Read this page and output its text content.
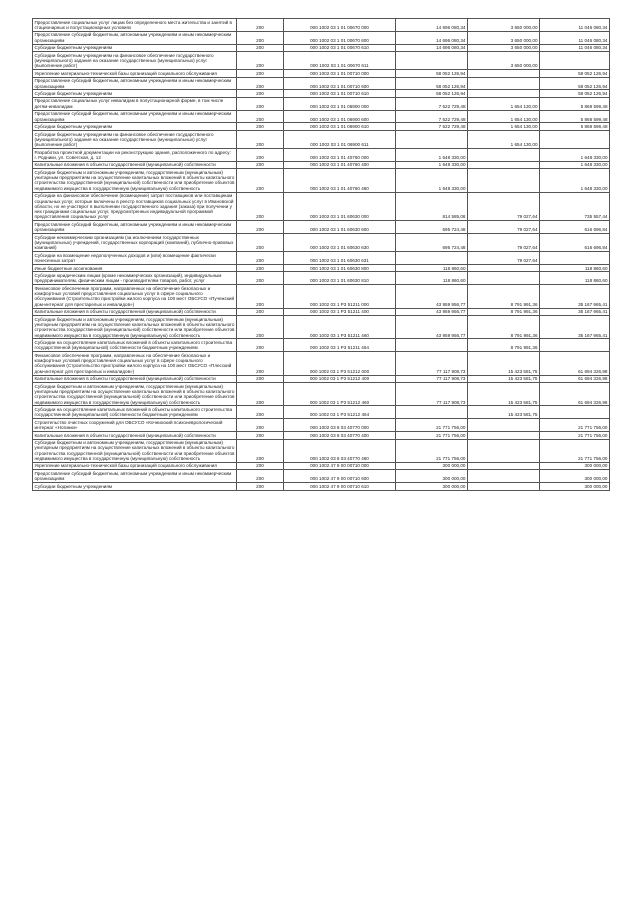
Предоставление социальных услуг лицам без определенного места жительства и занятий в стационарных и полустационарных условиях	200	000 1002 03 1 01 00670 000	14 696 080,34	3 650 000,00	11 046 080,34
Предоставление субсидий бюджетным, автономным учреждениям и иным некоммерческим организациям	200	000 1002 03 1 01 00670 600	14 696 080,34	3 650 000,00	11 046 080,34
Субсидии бюджетным учреждениям	200	000 1002 03 1 01 00670 610	14 696 080,34	3 650 000,00	11 046 080,34
Субсидии бюджетным учреждениям на финансовое обеспечение государственного (муниципального) задания на оказание государственных (муниципальных) услуг (выполнение работ)	200	000 1002 03 1 01 00670 611		3 650 000,00	
Укрепление материально-технической базы организаций социального обслуживания	200	000 1002 03 1 01 00710 000	58 052 126,94		58 052 126,94
Предоставление субсидий бюджетным, автономным учреждениям и иным некоммерческим организациям	200	000 1002 03 1 01 00710 600	58 052 126,94		58 052 126,94
Субсидии бюджетным учреждениям	200	000 1002 03 1 01 00710 610	58 052 126,94		58 052 126,94
Предоставление социальных услуг инвалидам в полустационарной форме, в том числе детям-инвалидам	200	000 1002 03 1 01 06900 000	7 522 729,48	1 654 130,00	5 868 599,48
Предоставление субсидий бюджетным, автономным учреждениям и иным некоммерческим организациям	200	000 1002 03 1 01 06900 600	7 522 729,48	1 654 130,00	5 868 599,48
Субсидии бюджетным учреждениям	200	000 1002 03 1 01 06900 610	7 522 729,48	1 654 130,00	5 868 599,48
Субсидии бюджетным учреждениям на финансовое обеспечение государственного (муниципального) задания на оказание государственных (муниципальных) услуг (выполнение работ)	200	000 1002 03 1 01 06900 611		1 654 130,00	
Разработка проектной документации на реконструкцию здания, расположенного по адресу: г. Родники, ул. Советская, д. 12	200	000 1002 03 1 01 40760 000	1 648 330,00		1 648 330,00
Капитальные вложения в объекты государственной (муниципальной) собственности	200	000 1002 03 1 01 40760 400	1 648 330,00		1 648 330,00
Субсидии бюджетным и автономным учреждениям, государственным (муниципальным) унитарным предприятиям на осуществление капитальных вложений в объекты капитального строительства государственной (муниципальной) собственности или приобретение объектов недвижимого имущества в государственную (муниципальную) собственность	200	000 1002 03 1 01 40760 460	1 648 330,00		1 648 330,00
Субсидии на финансовое обеспечение (возмещение) затрат поставщиков или поставщикам социальных услуг, которые включены в реестр поставщиков социальных услуг в Ивановской области, но не участвуют в выполнении государственного задания (заказа) при получении у них гражданами социальных услуг, предусмотренных индивидуальной программой предоставления социальных услуг	200	000 1002 03 1 01 60630 000	814 585,06	79 027,64	735 557,44
Предоставление субсидий бюджетным, автономным учреждениям и иным некоммерческим организациям	200	000 1002 03 1 01 60630 600	695 724,48	79 027,64	616 696,84
Субсидии некоммерческим организациям (за исключением государственных (муниципальных) учреждений, государственных корпораций (компаний), публично-правовых компаний)	200	000 1002 03 1 01 60630 630	695 724,48	79 027,64	616 696,84
Субсидии на возмещение недополученных доходов и (или) возмещение фактически понесенных затрат	200	000 1002 03 1 01 60630 631		79 027,64	
Иные бюджетные ассигнования	200	000 1002 03 1 01 60630 800	118 860,60		118 860,60
Субсидии юридическим лицам (кроме некоммерческих организаций), индивидуальным предпринимателям, физическим лицам - производителям товаров, работ, услуг	200	000 1002 03 1 01 60630 810	118 860,60		118 860,60
Финансовое обеспечение программ, направленных на обеспечение безопасных и комфортных условий предоставления социальных услуг в сфере социального обслуживания (Строительство пристройки жилого корпуса на 100 мест ОБСУСО «Пучежский дом-интернат для престарелых и инвалидов»)	200	000 1002 03 1 P3 51211 000	43 959 956,77	8 791 991,36	35 167 965,41
Капитальные вложения в объекты государственной (муниципальной) собственности	200	000 1002 03 1 P3 51211 400	43 959 956,77	8 791 991,36	35 167 965,41
Субсидии бюджетным и автономным учреждениям, государственным (муниципальным) унитарным предприятиям на осуществление капитальных вложений в объекты капитального строительства государственной (муниципальной) собственности или приобретение объектов недвижимого имущества в государственную (муниципальную) собственность	200	000 1002 03 1 P3 51211 460	43 959 956,77	8 791 991,36	35 167 965,41
Субсидии на осуществление капитальных вложений в объекты капитального строительства государственной (муниципальной) собственности бюджетным учреждениям	200	000 1002 03 1 P3 51211 464		8 791 991,36	
Финансовое обеспечение программ, направленных на обеспечение безопасных и комфортных условий предоставления социальных услуг в сфере социального обслуживания (Строительство пристройки жилого корпуса на 100 мест ОБСУСО «Плесский дом-интернат для престарелых и инвалидов»)	200	000 1002 03 1 P3 51212 000	77 117 908,73	15 423 581,75	61 694 326,98
Капитальные вложения в объекты государственной (муниципальной) собственности	200	000 1002 03 1 P3 51212 400	77 117 908,73	15 423 581,75	61 694 326,98
Субсидии бюджетным и автономным учреждениям, государственным (муниципальным) унитарным предприятиям на осуществление капитальных вложений в объекты капитального строительства государственной (муниципальной) собственности или приобретение объектов недвижимого имущества в государственную (муниципальную) собственность	200	000 1002 03 1 P3 51212 460	77 117 908,73	15 423 581,75	61 694 326,98
Субсидии на осуществление капитальных вложений в объекты капитального строительства государственной (муниципальной) собственности бюджетным учреждениям	200	000 1002 03 1 P3 51212 464		15 423 581,75	
Строительство очистных сооружений для ОБСУСО «Кочнихский психоневрологический интернат «Ногинки»	200	000 1002 03 8 03 40770 000	21 771 756,00		21 771 756,00
Капитальные вложения в объекты государственной (муниципальной) собственности	200	000 1002 03 8 03 40770 400	21 771 756,00		21 771 756,00
Субсидии бюджетным и автономным учреждениям, государственным (муниципальным) унитарным предприятиям на осуществление капитальных вложений в объекты капитального строительства государственной (муниципальной) собственности или приобретение объектов недвижимого имущества в государственную (муниципальную) собственность	200	000 1002 03 8 03 40770 460	21 771 756,00		21 771 756,00
Укрепление материально-технической базы организаций социального обслуживания	200	000 1002 47 9 00 00710 000	300 000,00		300 000,00
Предоставление субсидий бюджетным, автономным учреждениям и иным некоммерческим организациям	200	000 1002 47 9 00 00710 600	300 000,00		300 000,00
Субсидии бюджетным учреждениям	200	000 1002 47 9 00 00710 610	300 000,00		300 000,00
